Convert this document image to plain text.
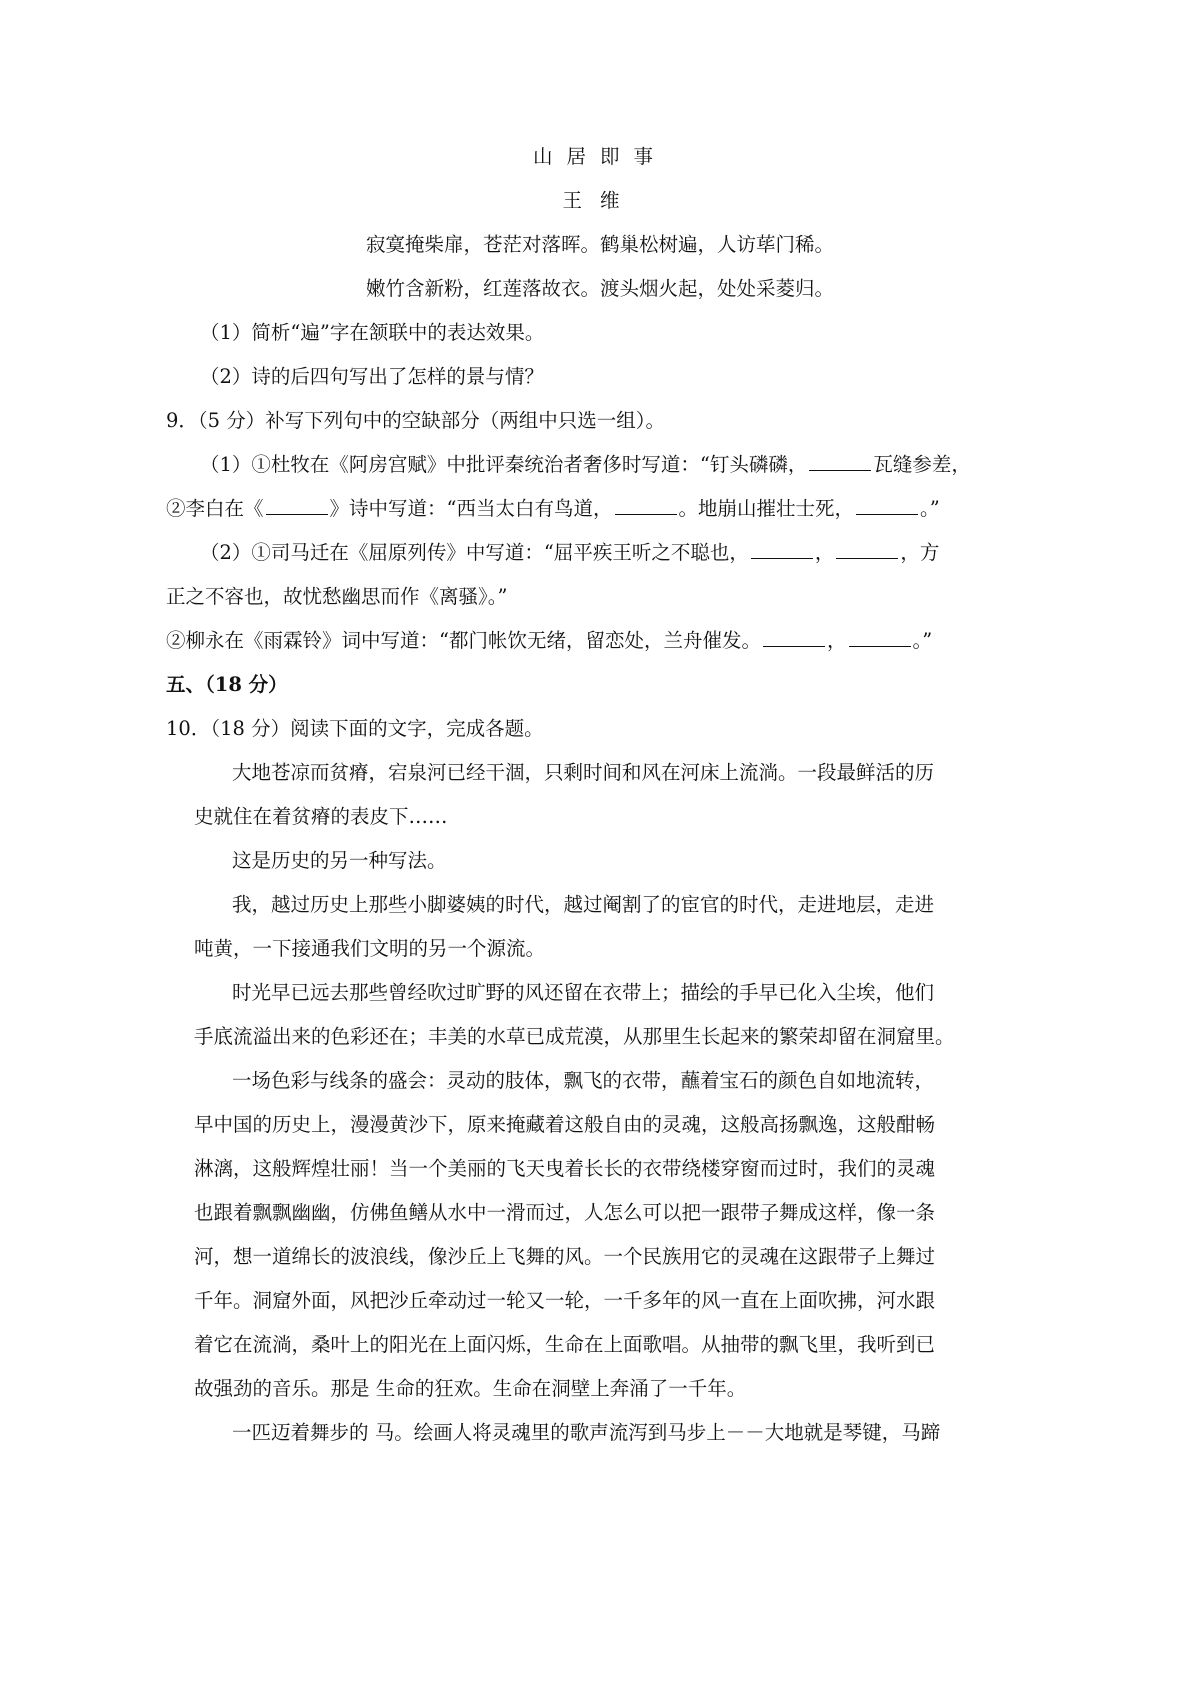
山居即事
王维
寂寞掩柴扉，苍茫对落晖。鹤巢松树遍，人访荜门稀。
嫩竹含新粉，红莲落故衣。渡头烟火起，处处采菱归。
（1）简析“遍”字在颔联中的表达效果。
（2）诗的后四句写出了怎样的景与情？
9．（5 分）补写下列句中的空缺部分（两组中只选一组）。
（1）①杜牧在《阿房宫赋》中批评秦统治者奢侈时写道：“钉头磷磷，	瓦缝参差，
②李白在《	》诗中写道：“西当太白有鸟道，	。地崩山摧壮士死，	。”
（2）①司马迁在《屈原列传》中写道：“屈平疾王听之不聪也，	，	，方
正之不容也，故忧愁幽思而作《离骚》。”
②柳永在《雨霖铃》词中写道：“都门帐饮无绪，留恋处，兰舟催发。	，	。”
五、（18 分）
10．（18 分）阅读下面的文字，完成各题。
大地苍凉而贫瘠，宕泉河已经干涸，只剩时间和风在河床上流淌。一段最鲜活的历
史就住在着贫瘠的表皮下……
这是历史的另一种写法。
我，越过历史上那些小脚婆姨的时代，越过阉割了的宦官的时代，走进地层，走进
吨黄，一下接通我们文明的另一个源流。
时光早已远去那些曾经吹过旷野的风还留在衣带上；描绘的手早已化入尘埃，他们
手底流溢出来的色彩还在；丰美的水草已成荒漠，从那里生长起来的繁荣却留在洞窟里。
一场色彩与线条的盛会：灵动的肢体，飘飞的衣带，蘸着宝石的颜色自如地流转，
早中国的历史上，漫漫黄沙下，原来掩藏着这般自由的灵魂，这般高扬飘逸，这般酣畅
淋漓，这般辉煌壮丽！当一个美丽的飞天曳着长长的衣带绕楼穿窗而过时，我们的灵魂
也跟着飘飘幽幽，仿佛鱼鳝从水中一滑而过，人怎么可以把一跟带子舞成这样，像一条
河，想一道绵长的波浪线，像沙丘上飞舞的风。一个民族用它的灵魂在这跟带子上舞过
千年。洞窟外面，风把沙丘牵动过一轮又一轮，一千多年的风一直在上面吹拂，河水跟
着它在流淌，桑叶上的阳光在上面闪烁，生命在上面歌唱。从抽带的飘飞里，我听到已
故强劲的音乐。那是 生命的狂欢。生命在洞壁上奔涌了一千年。
一匹迈着舞步的 马。绘画人将灵魂里的歌声流泻到马步上－－大地就是琴键，马蹄
